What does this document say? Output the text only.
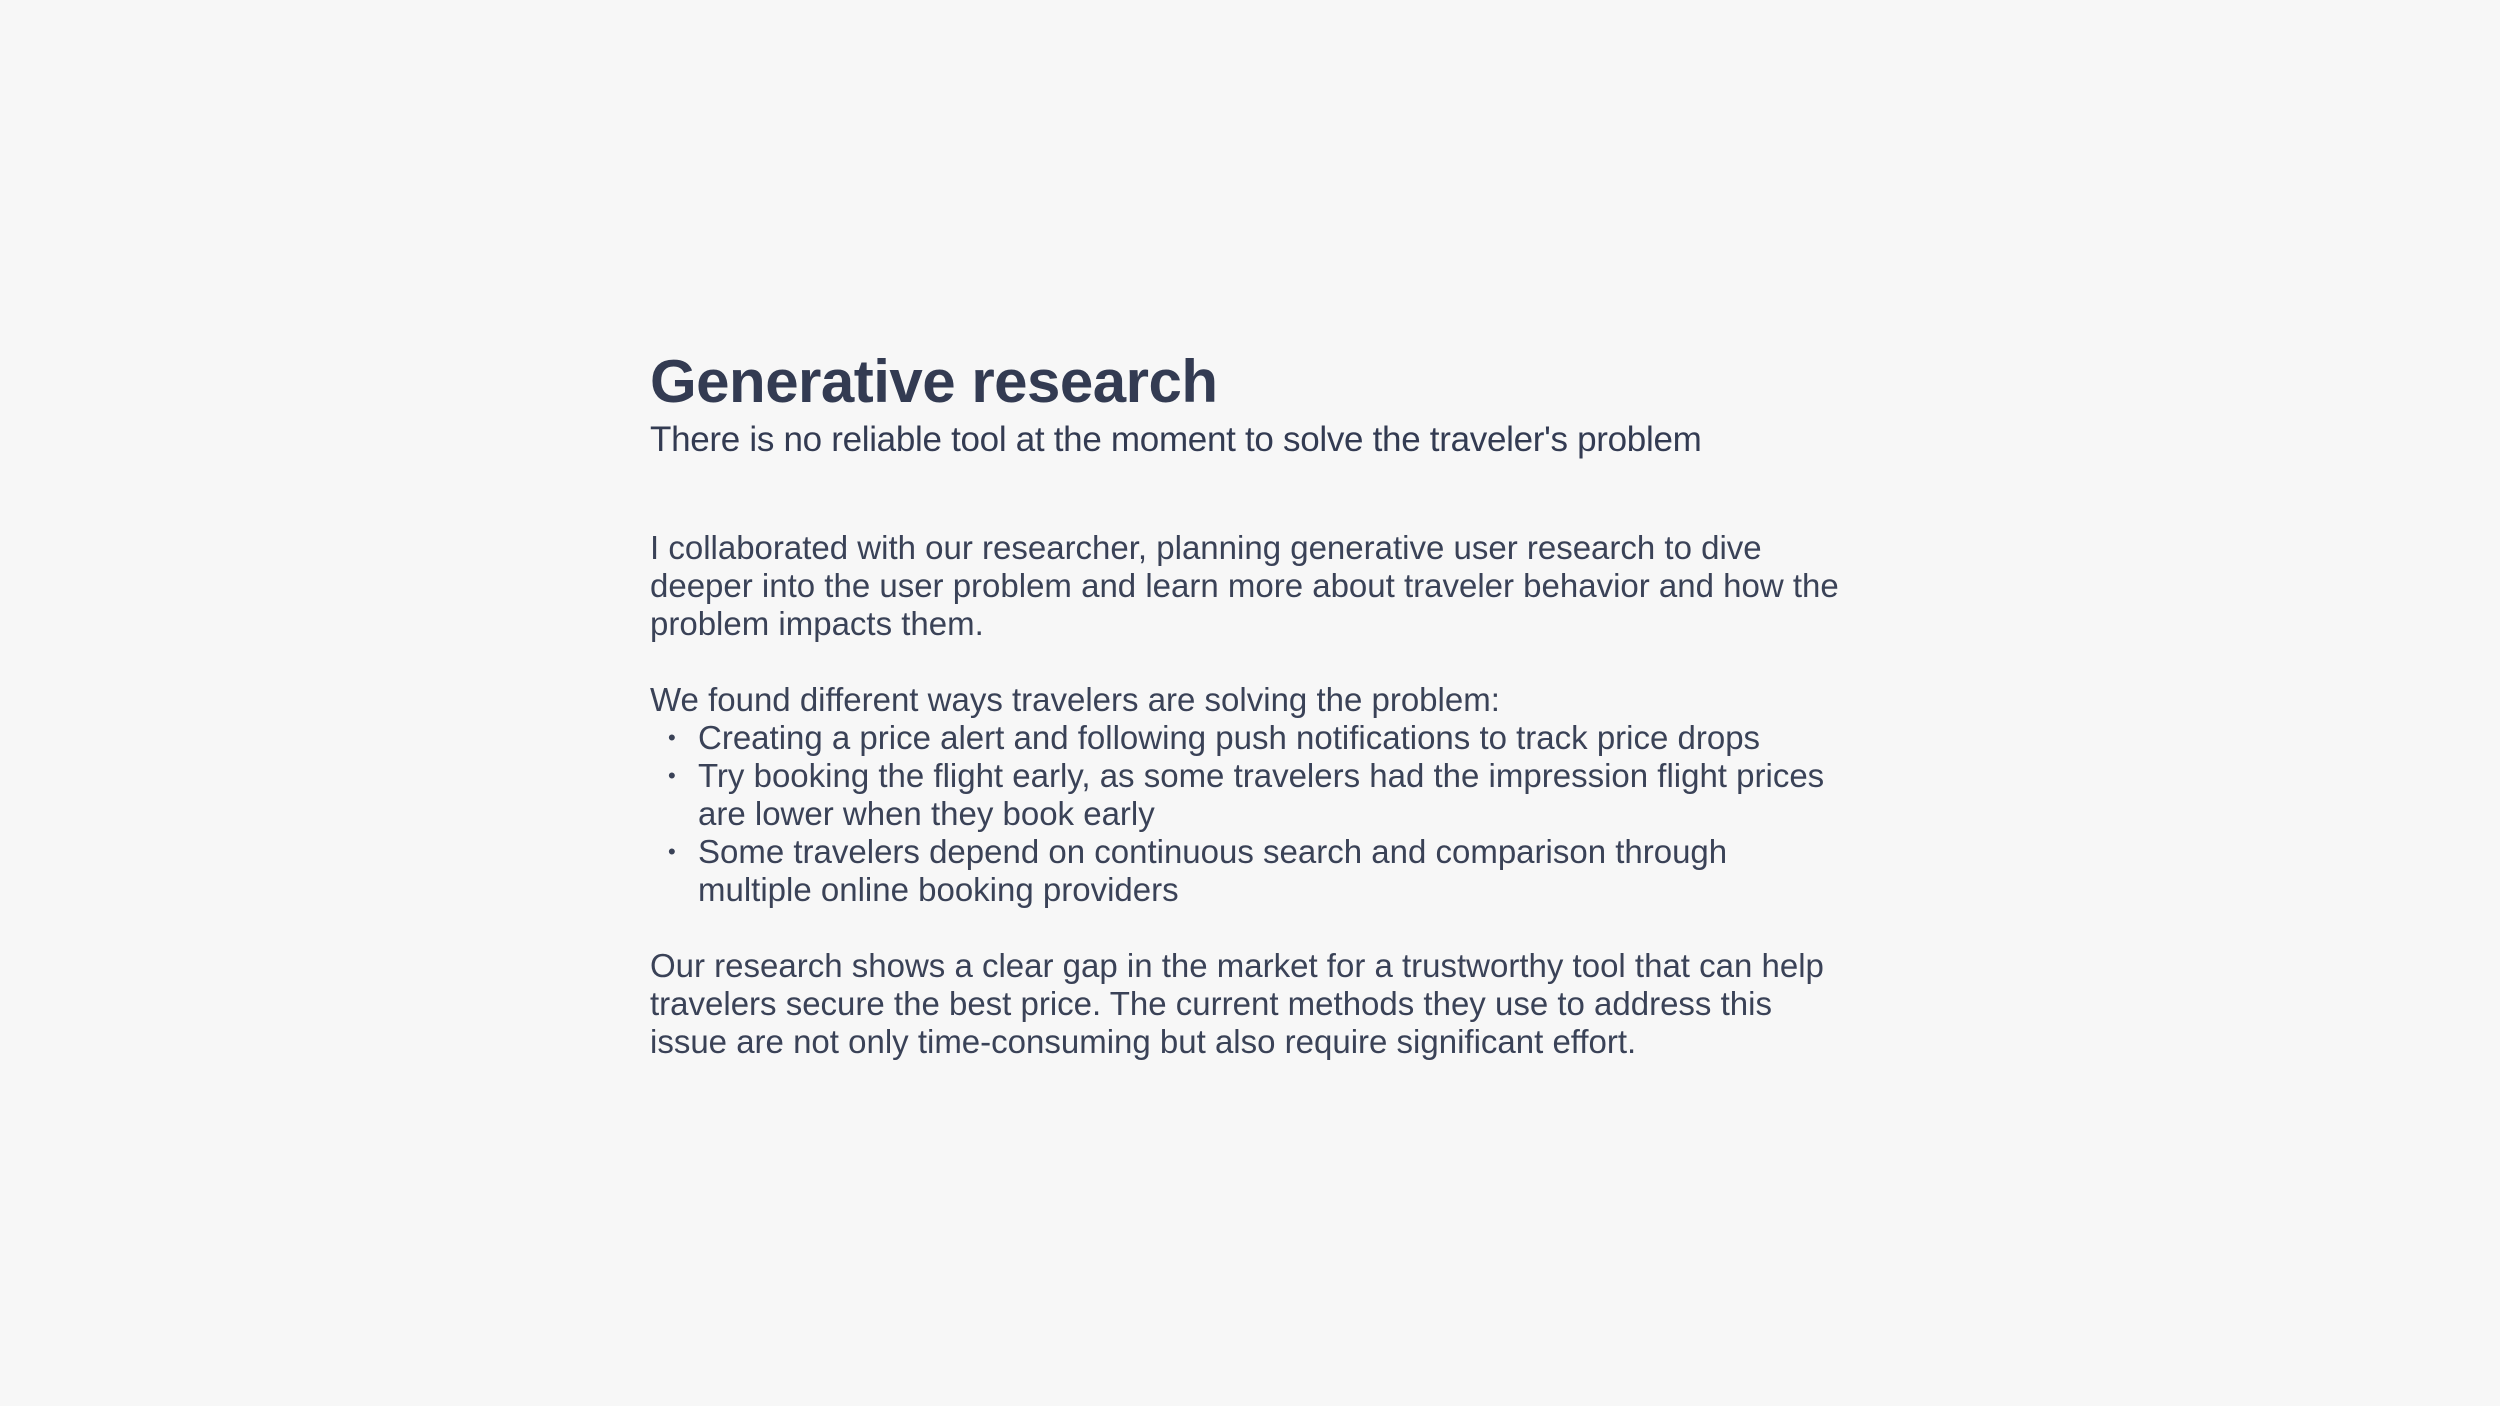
Generative research
There is no reliable tool at the moment to solve the traveler's problem

I collaborated with our researcher, planning generative user research to dive deeper into the user problem and learn more about traveler behavior and how the problem impacts them.

We found different ways travelers are solving the problem:

• Creating a price alert and following push notifications to track price drops
• Try booking the flight early, as some travelers had the impression flight prices are lower when they book early
• Some travelers depend on continuous search and comparison through multiple online booking providers

Our research shows a clear gap in the market for a trustworthy tool that can help travelers secure the best price. The current methods they use to address this issue are not only time-consuming but also require significant effort.
